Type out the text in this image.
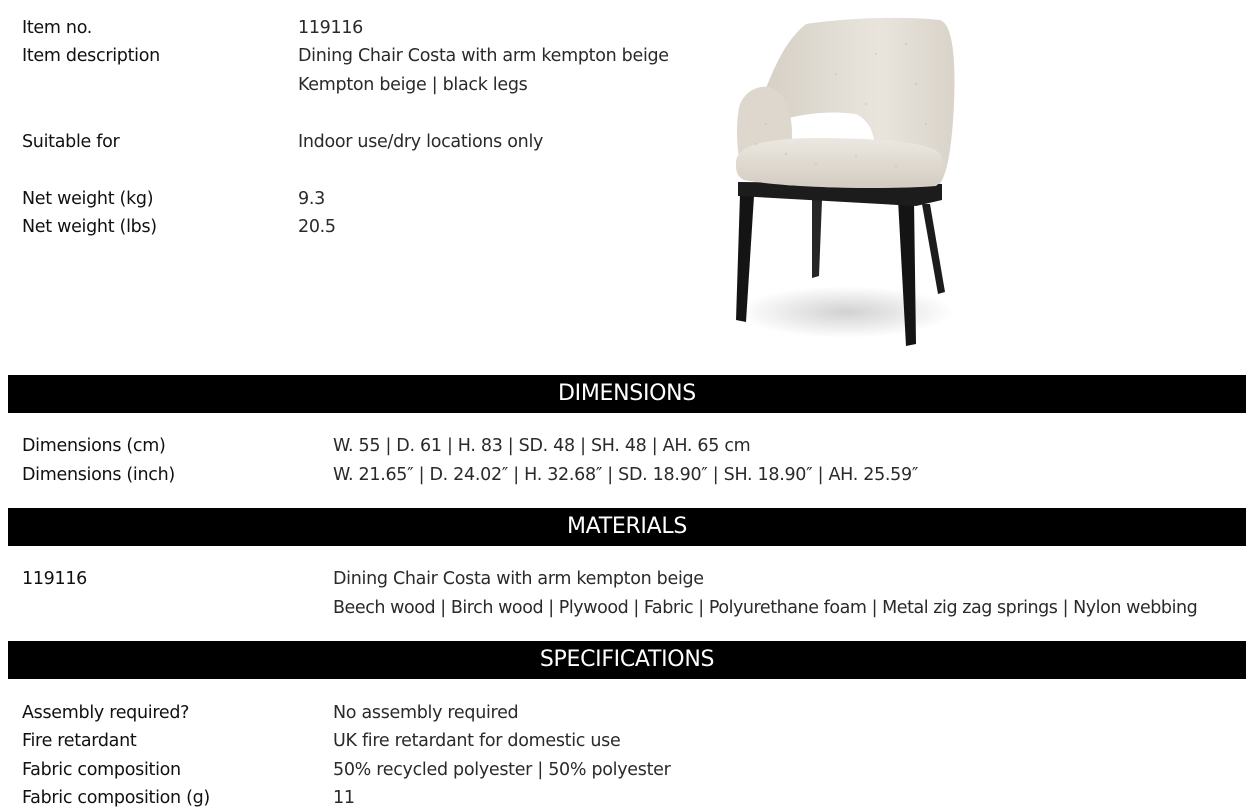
Item no.	119116
Item description	Dining Chair Costa with arm kempton beige
Kempton beige | black legs
Suitable for	Indoor use/dry locations only
Net weight (kg)	9.3
Net weight (lbs)	20.5
DIMENSIONS
Dimensions (cm)	W. 55 | D. 61 | H. 83 | SD. 48 | SH. 48 | AH. 65 cm
Dimensions (inch)	W. 21.65″ | D. 24.02″ | H. 32.68″ | SD. 18.90″ | SH. 18.90″ | AH. 25.59″
MATERIALS
119116	Dining Chair Costa with arm kempton beige
Beech wood | Birch wood | Plywood | Fabric | Polyurethane foam | Metal zig zag springs | Nylon webbing
SPECIFICATIONS
Assembly required?	No assembly required
Fire retardant	UK fire retardant for domestic use
Fabric composition	50% recycled polyester | 50% polyester
Fabric composition (g)	11
